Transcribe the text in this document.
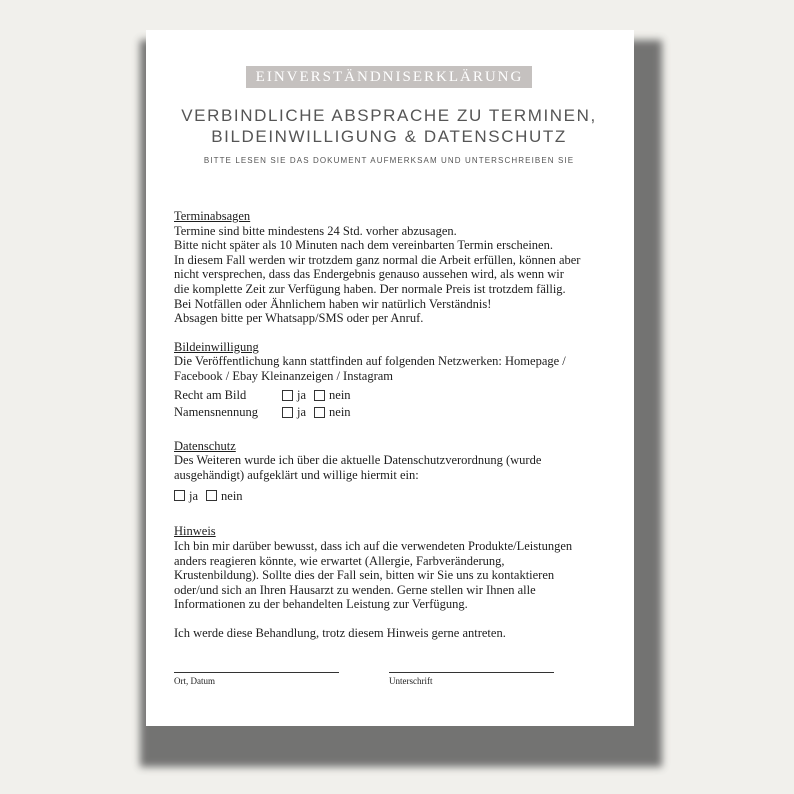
EINVERSTÄNDNISERKLÄRUNG
VERBINDLICHE ABSPRACHE ZU TERMINEN,
BILDEINWILLIGUNG & DATENSCHUTZ
BITTE LESEN SIE DAS DOKUMENT AUFMERKSAM UND UNTERSCHREIBEN SIE

Terminabsagen

Termine sind bitte mindestens 24 Std. vorher abzusagen.

Bitte nicht später als 10 Minuten nach dem vereinbarten Termin erscheinen.

In diesem Fall werden wir trotzdem ganz normal die Arbeit erfüllen, können aber

nicht versprechen, dass das Endergebnis genauso aussehen wird, als wenn wir

die komplette Zeit zur Verfügung haben. Der normale Preis ist trotzdem fällig.

Bei Notfällen oder Ähnlichem haben wir natürlich Verständnis!

Absagen bitte per Whatsapp/SMS oder per Anruf.

Bildeinwilligung

Die Veröffentlichung kann stattfinden auf folgenden Netzwerken: Homepage /

Facebook / Ebay Kleinanzeigen / Instagram

Recht am Bild	ja nein
Namensnennung	ja nein

Datenschutz

Des Weiteren wurde ich über die aktuelle Datenschutzverordnung (wurde

ausgehändigt) aufgeklärt und willige hiermit ein:

ja nein

Hinweis

Ich bin mir darüber bewusst, dass ich auf die verwendeten Produkte/Leistungen

anders reagieren könnte, wie erwartet (Allergie, Farbveränderung,

Krustenbildung). Sollte dies der Fall sein, bitten wir Sie uns zu kontaktieren

oder/und sich an Ihren Hausarzt zu wenden. Gerne stellen wir Ihnen alle

Informationen zu der behandelten Leistung zur Verfügung.

Ich werde diese Behandlung, trotz diesem Hinweis gerne antreten.

Ort, Datum	Unterschrift
